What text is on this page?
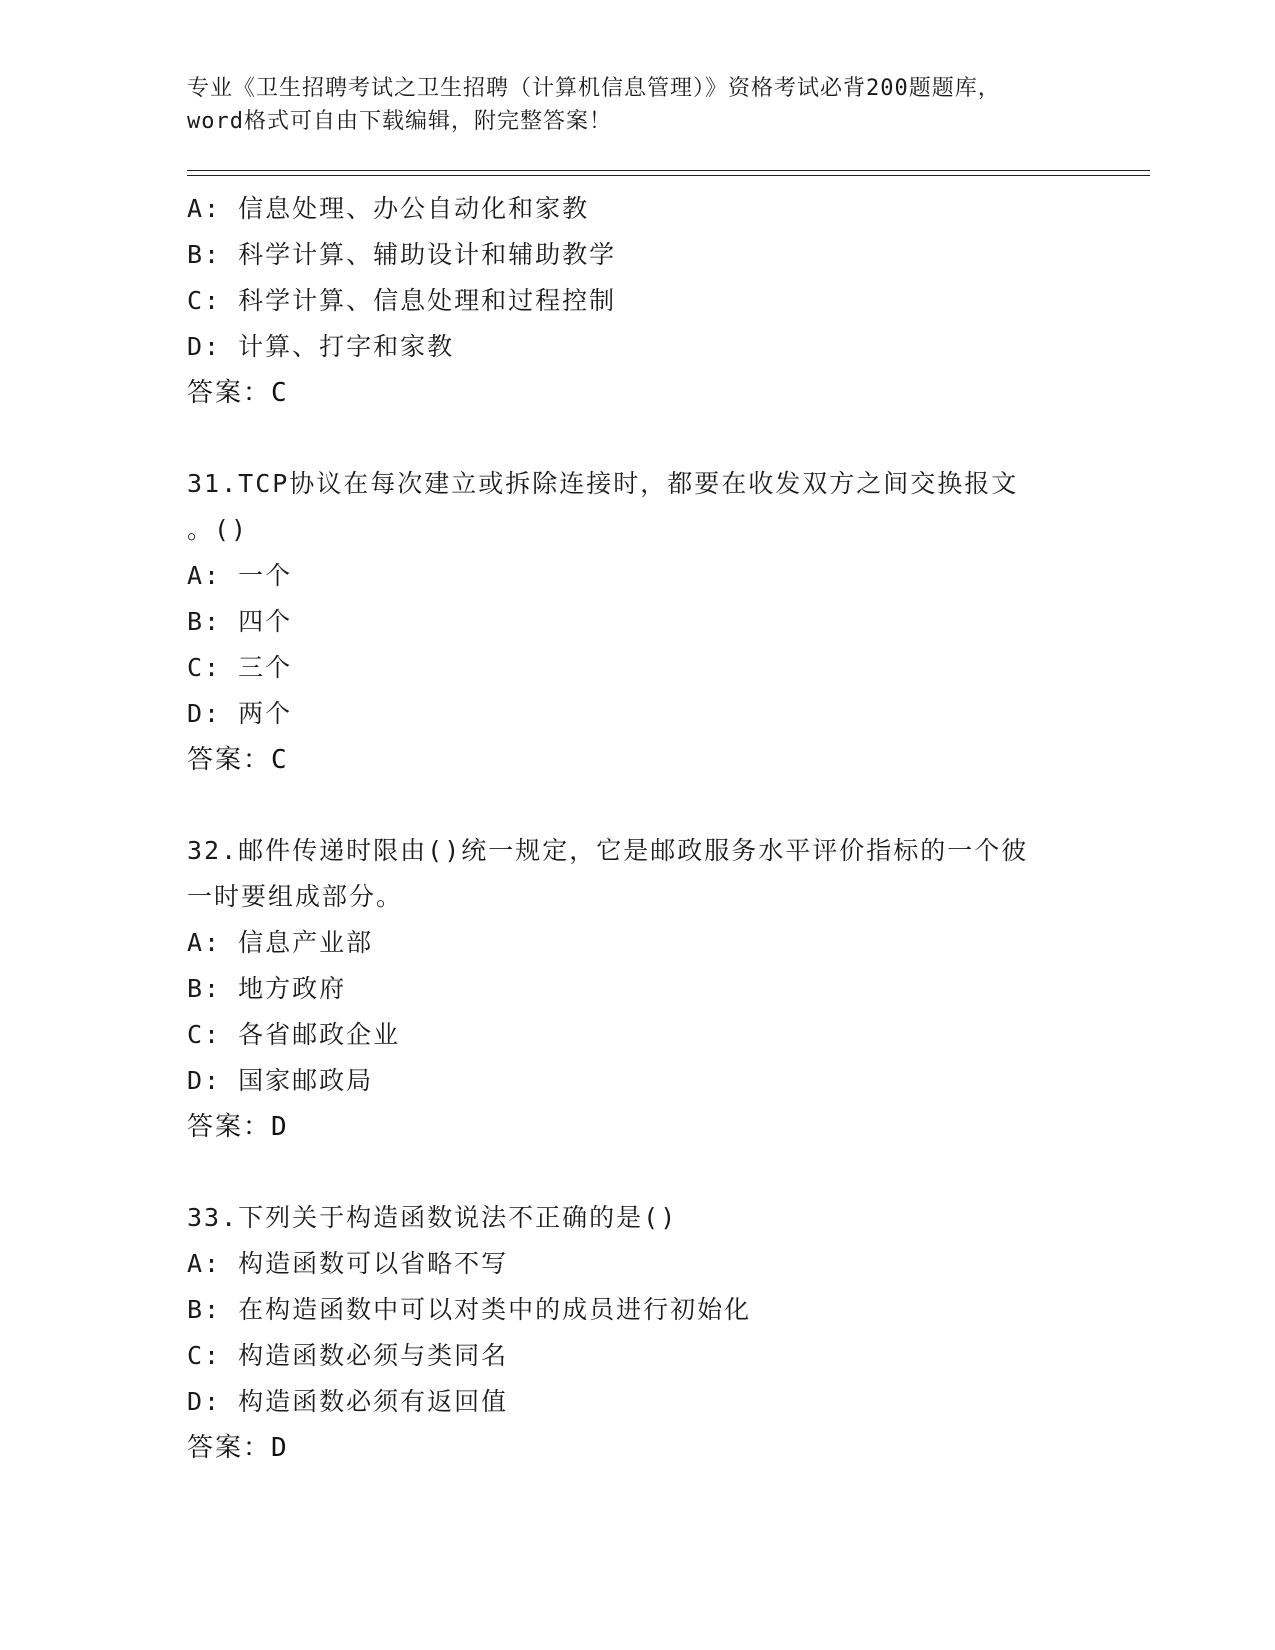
专业《卫生招聘考试之卫生招聘（计算机信息管理）》资格考试必背200题题库，
word格式可自由下载编辑，附完整答案！
A: 信息处理、办公自动化和家教
B: 科学计算、辅助设计和辅助教学
C: 科学计算、信息处理和过程控制
D: 计算、打字和家教
答案：C
31.TCP协议在每次建立或拆除连接时，都要在收发双方之间交换报文
。()
A: 一个
B: 四个
C: 三个
D: 两个
答案：C
32.邮件传递时限由()统一规定，它是邮政服务水平评价指标的一个彼
一时要组成部分。
A: 信息产业部
B: 地方政府
C: 各省邮政企业
D: 国家邮政局
答案：D
33.下列关于构造函数说法不正确的是()
A: 构造函数可以省略不写
B: 在构造函数中可以对类中的成员进行初始化
C: 构造函数必须与类同名
D: 构造函数必须有返回值
答案：D
